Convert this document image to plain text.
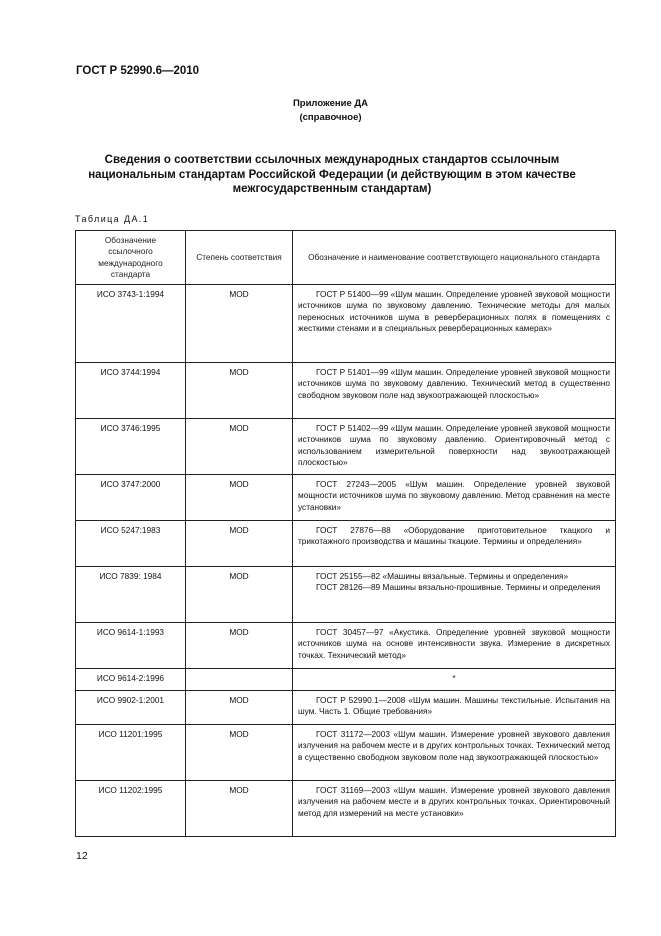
ГОСТ Р 52990.6—2010
Приложение ДА
(справочное)
Сведения о соответствии ссылочных международных стандартов ссылочным национальным стандартам Российской Федерации (и действующим в этом качестве межгосударственным стандартам)
Таблица ДА.1
Обозначение ссылочного международного стандарта	Степень соответствия	Обозначение и наименование соответствующего национального стандарта
ИСО 3743-1:1994	MOD	ГОСТ Р 51400—99 «Шум машин. Определение уровней звуковой мощности источников шума по звуковому давлению. Технические методы для малых переносных источников шума в реверберационных полях в помещениях с жесткими стенами и в специальных реверберационных камерах»

ИСО 3744:1994	MOD	ГОСТ Р 51401—99 «Шум машин. Определение уровней звуковой мощности источников шума по звуковому давлению. Технический метод в существенно свободном звуковом поле над звукоотражающей плоскостью»

ИСО 3746:1995	MOD	ГОСТ Р 51402—99 «Шум машин. Определение уровней звуковой мощности источников шума по звуковому давлению. Ориентировочный метод с использованием измерительной поверхности над звукоотражающей плоскостью»

ИСО 3747:2000	MOD	ГОСТ 27243—2005 «Шум машин. Определение уровней звуковой мощности источников шума по звуковому давлению. Метод сравнения на месте установки»

ИСО 5247:1983	MOD	ГОСТ 27876—88 «Оборудование приготовительное ткацкого и трикотажного производства и машины ткацкие. Термины и определения»

ИСО 7839: 1984	MOD	ГОСТ 25155—82 «Машины вязальные. Термины и определения»

ГОСТ 28126—89 Машины вязально-прошивные. Термины и определения

ИСО 9614-1:1993	MOD	ГОСТ 30457—97 «Акустика. Определение уровней звуковой мощности источников шума на основе интенсивности звука. Измерение в дискретных точках. Технический метод»

ИСО 9614-2:1996		*
ИСО 9902-1:2001	MOD	ГОСТ Р 52990.1—2008 «Шум машин. Машины текстильные. Испытания на шум. Часть 1. Общие требования»

ИСО 11201:1995	MOD	ГОСТ 31172—2003 «Шум машин. Измерение уровней звукового давления излучения на рабочем месте и в других контрольных точках. Технический метод в существенно свободном звуковом поле над звукоотражающей плоскостью»

ИСО 11202:1995	MOD	ГОСТ 31169—2003 «Шум машин. Измерение уровней звукового давления излучения на рабочем месте и в других контрольных точках. Ориентировочный метод для измерений на месте установки»

12
